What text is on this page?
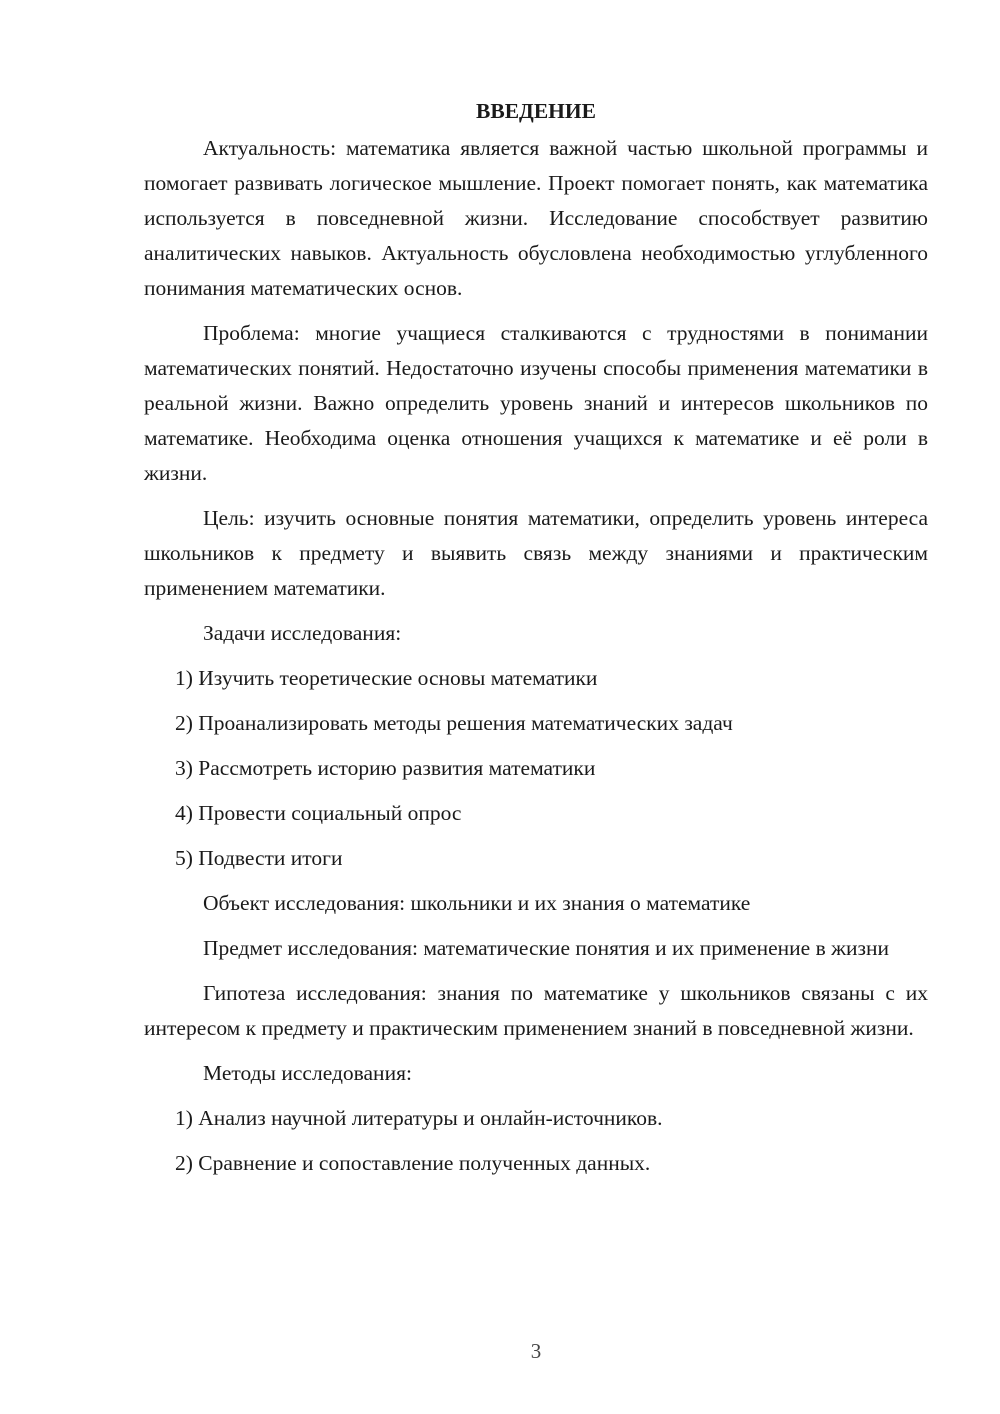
ВВЕДЕНИЕ

Актуальность: математика является важной частью школьной программы и помогает развивать логическое мышление. Проект помогает понять, как математика используется в повседневной жизни. Исследование способствует развитию аналитических навыков. Актуальность обусловлена необходимостью углубленного понимания математических основ.

Проблема: многие учащиеся сталкиваются с трудностями в понимании математических понятий. Недостаточно изучены способы применения математики в реальной жизни. Важно определить уровень знаний и интересов школьников по математике. Необходима оценка отношения учащихся к математике и её роли в жизни.

Цель: изучить основные понятия математики, определить уровень интереса школьников к предмету и выявить связь между знаниями и практическим применением математики.

Задачи исследования:

1) Изучить теоретические основы математики
2) Проанализировать методы решения математических задач
3) Рассмотреть историю развития математики
4) Провести социальный опрос
5) Подвести итоги

Объект исследования: школьники и их знания о математике

Предмет исследования: математические понятия и их применение в жизни

Гипотеза исследования: знания по математике у школьников связаны с их интересом к предмету и практическим применением знаний в повседневной жизни.

Методы исследования:

1) Анализ научной литературы и онлайн-источников.
2) Сравнение и сопоставление полученных данных.
3
